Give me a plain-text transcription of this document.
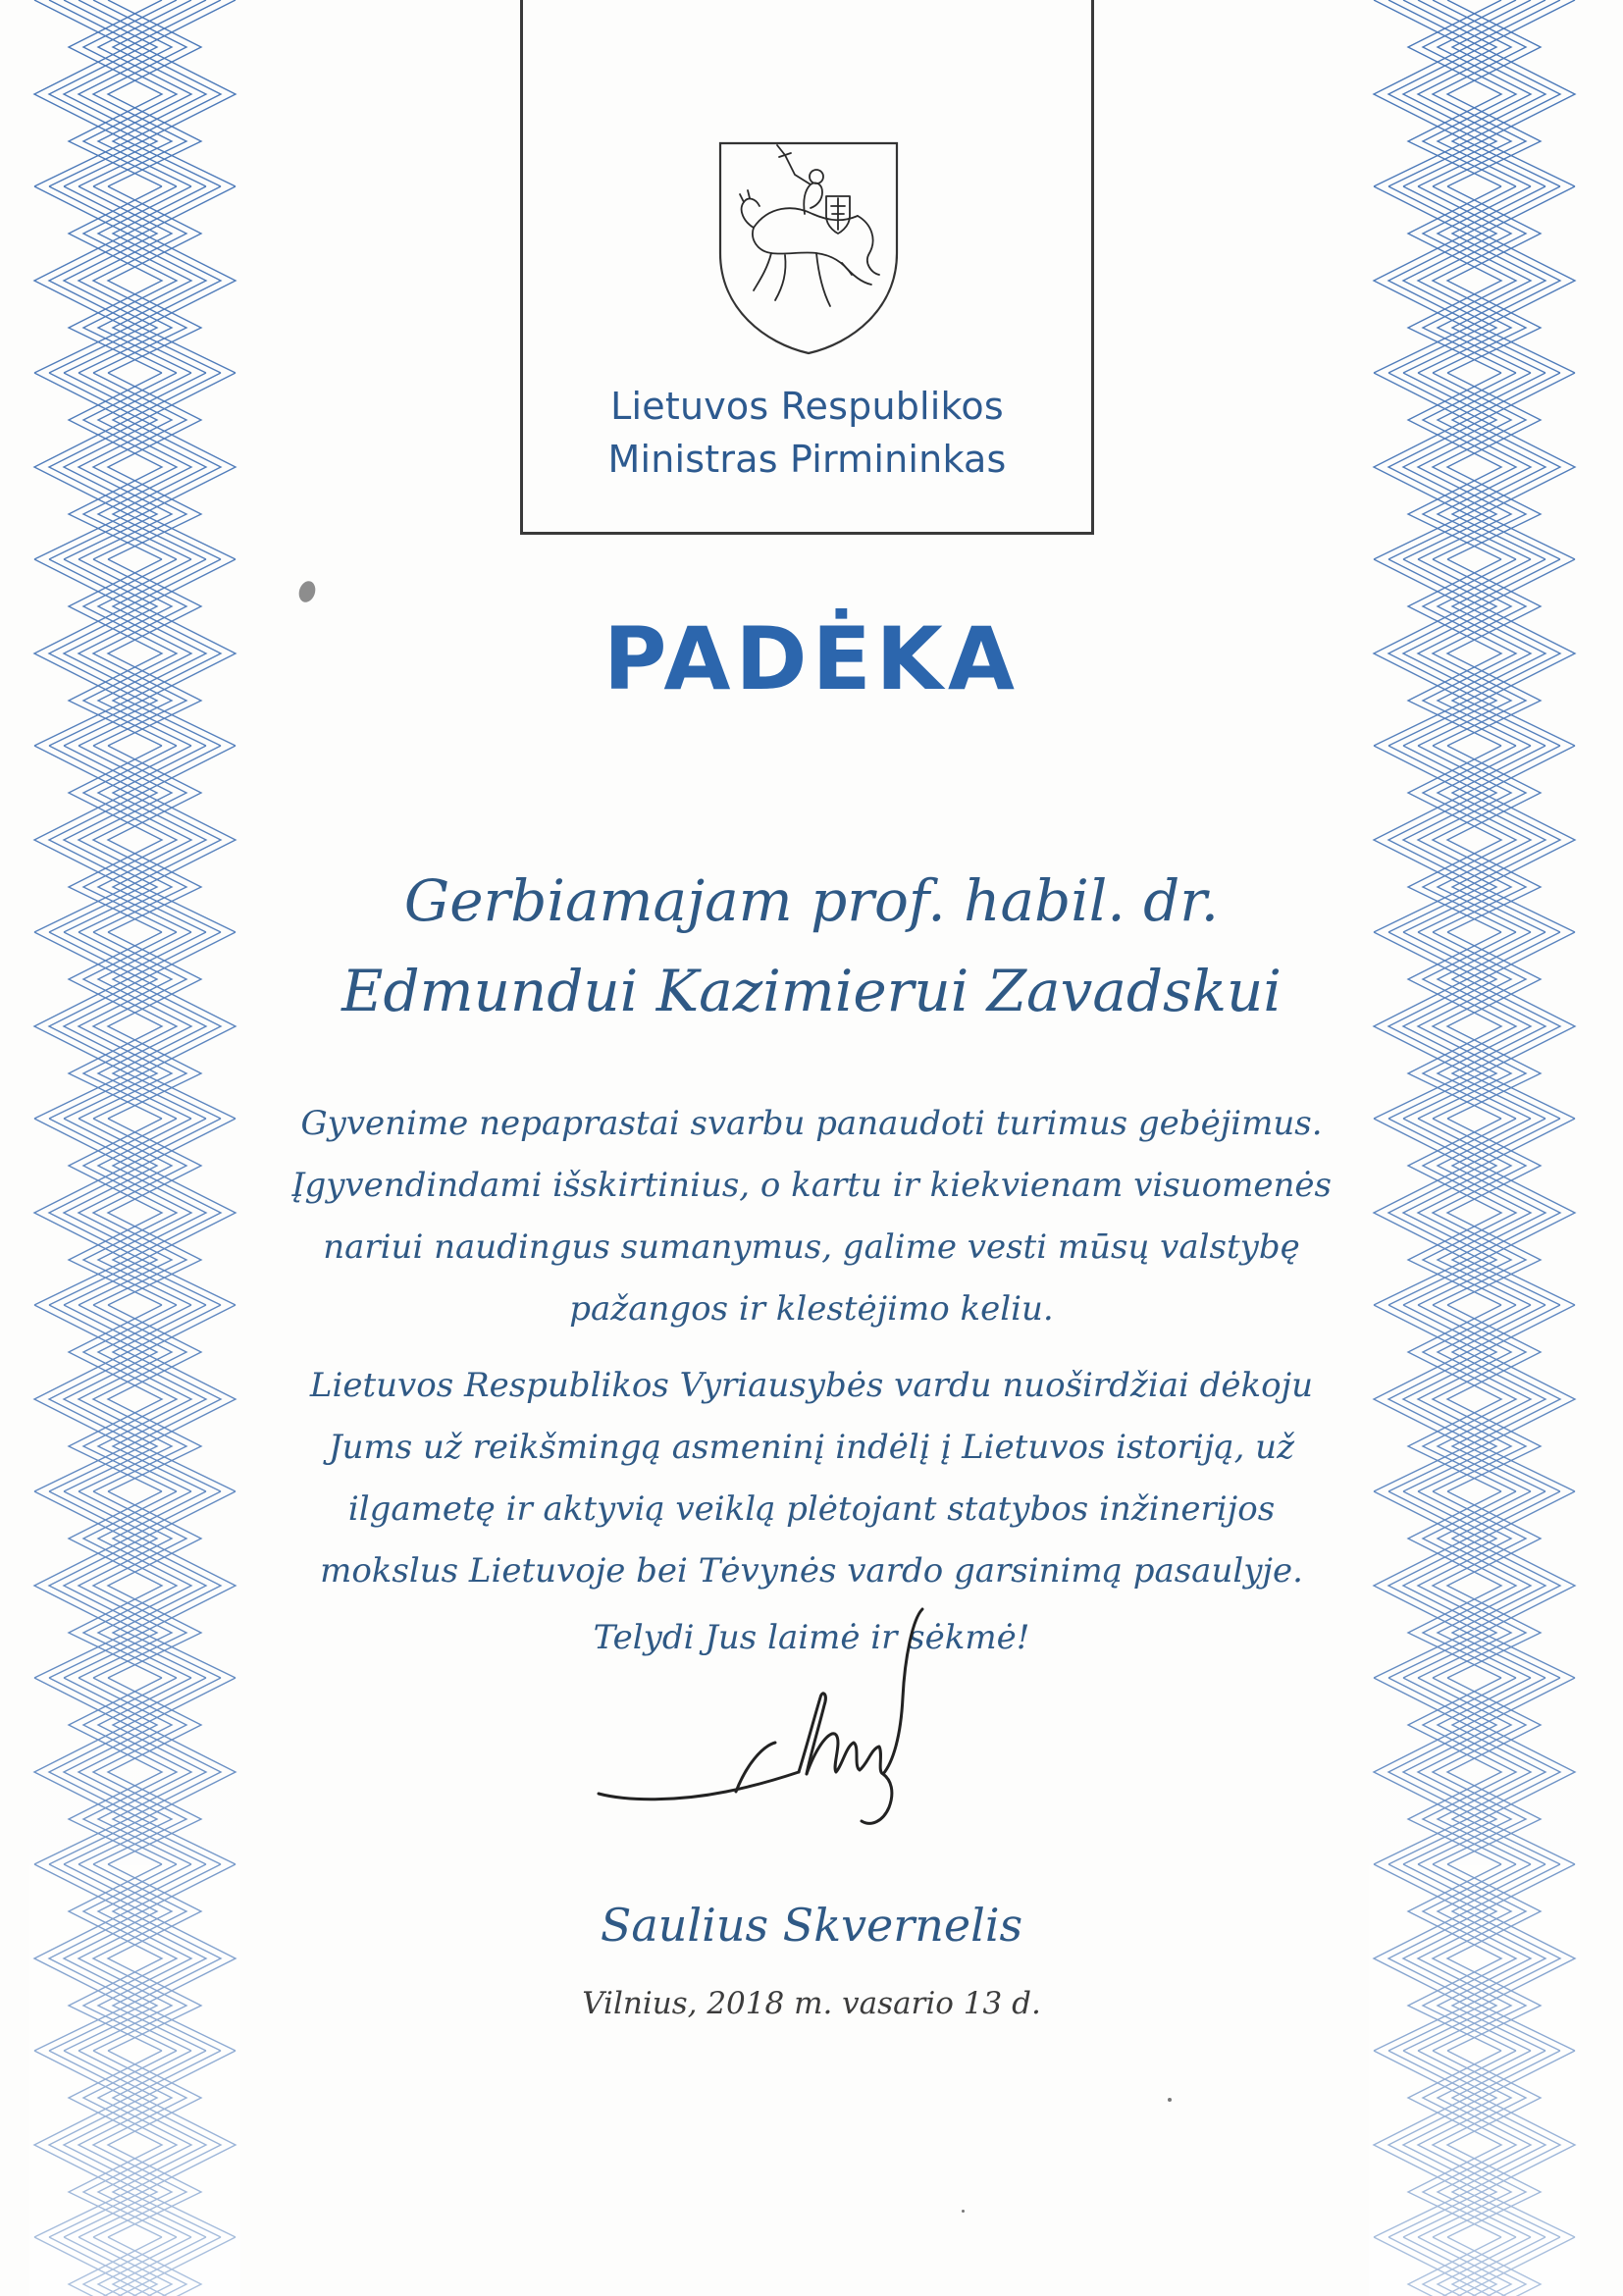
Lietuvos Respublikos
Ministras Pirmininkas
PADĖKA
Gerbiamajam prof. habil. dr.
Edmundui Kazimierui Zavadskui
Gyvenime nepaprastai svarbu panaudoti turimus gebėjimus.
Įgyvendindami išskirtinius, o kartu ir kiekvienam visuomenės
nariui naudingus sumanymus, galime vesti mūsų valstybę
pažangos ir klestėjimo keliu.
Lietuvos Respublikos Vyriausybės vardu nuoširdžiai dėkoju
Jums už reikšmingą asmeninį indėlį į Lietuvos istoriją, už
ilgametę ir aktyvią veiklą plėtojant statybos inžinerijos
mokslus Lietuvoje bei Tėvynės vardo garsinimą pasaulyje.
Telydi Jus laimė ir sėkmė!
Saulius Skvernelis
Vilnius, 2018 m. vasario 13 d.
